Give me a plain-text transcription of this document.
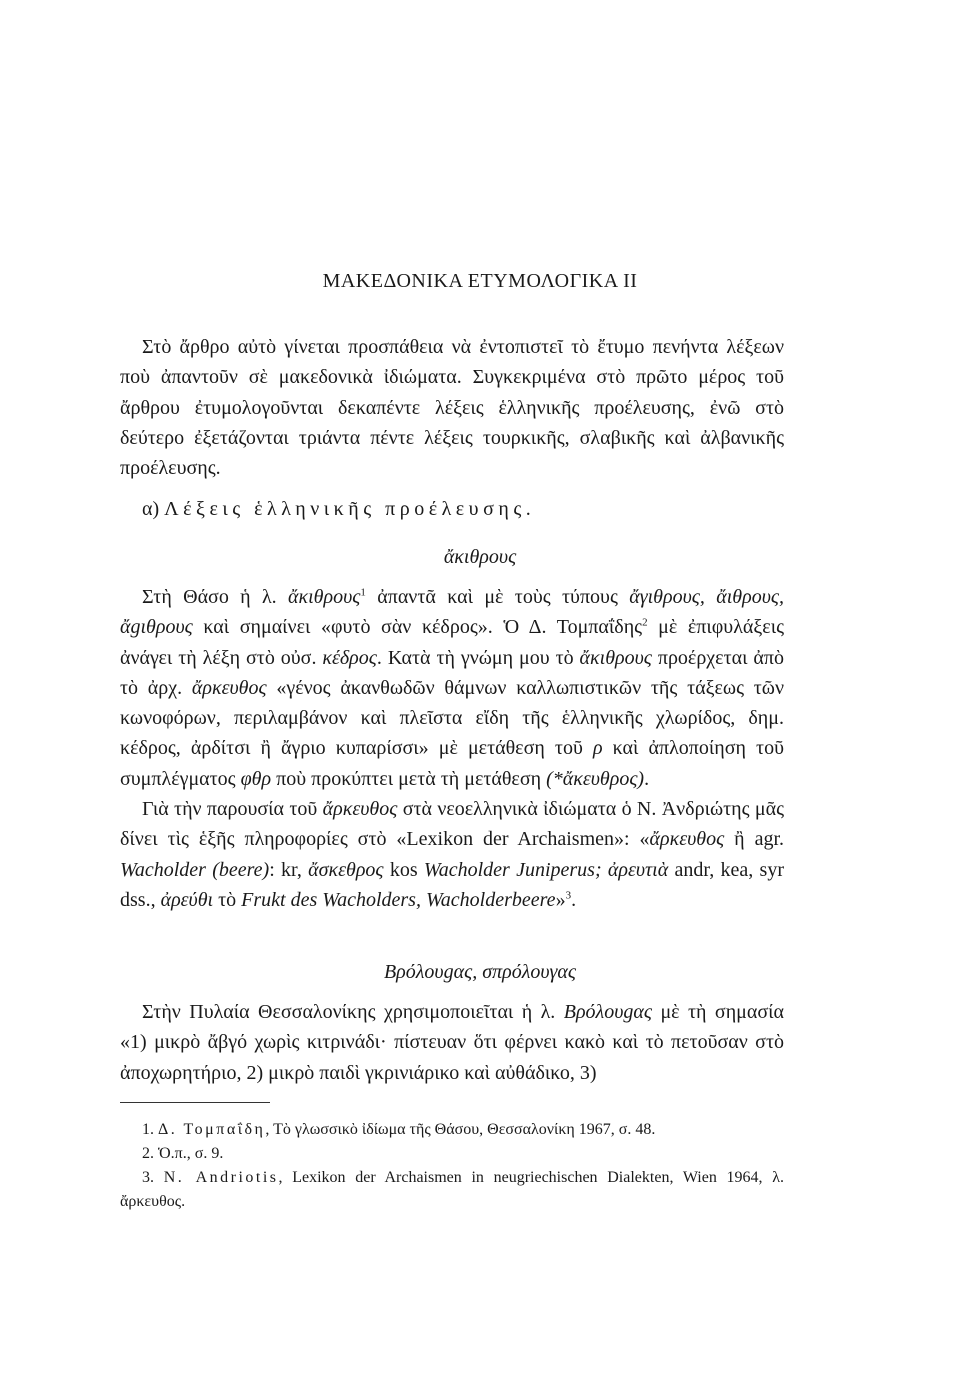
ΜΑΚΕΔΟΝΙΚΑ ΕΤΥΜΟΛΟΓΙΚΑ ΙΙ

Στὸ ἄρθρο αὐτὸ γίνεται προσπάθεια νὰ ἐντοπιστεῖ τὸ ἔτυμο πενήντα λέξεων ποὺ ἀπαντοῦν σὲ μακεδονικὰ ἰδιώματα. Συγκεκριμένα στὸ πρῶτο μέρος τοῦ ἄρθρου ἐτυμολογοῦνται δεκαπέντε λέξεις ἑλληνικῆς προέλευσης, ἐνῶ στὸ δεύτερο ἐξετάζονται τριάντα πέντε λέξεις τουρκικῆς, σλαβικῆς καὶ ἀλβανικῆς προέλευσης.

α) Λέξεις ἑλληνικῆς προέλευσης.
ἄκιθρους

Στὴ Θάσο ἡ λ. ἄκιθρους$^1$ ἀπαντᾶ καὶ μὲ τοὺς τύπους ἄγιθρους, ἄιθρους, ἄgιθρους καὶ σημαίνει «φυτὸ σὰν κέδρος». Ὁ Δ. Τομπαΐδης$^2$ μὲ ἐπιφυλάξεις ἀνάγει τὴ λέξη στὸ οὐσ. κέδρος. Κατὰ τὴ γνώμη μου τὸ ἄκιθρους προέρχεται ἀπὸ τὸ ἀρχ. ἄρκευθος «γένος ἀκανθωδῶν θάμνων καλλωπιστικῶν τῆς τάξεως τῶν κωνοφόρων, περιλαμβάνον καὶ πλεῖστα εἴδη τῆς ἑλληνικῆς χλωρίδος, δημ. κέδρος, ἀρδίτσι ἢ ἄγριο κυπαρίσσι» μὲ μετάθεση τοῦ ρ καὶ ἀπλοποίηση τοῦ συμπλέγματος φθρ ποὺ προκύπτει μετὰ τὴ μετάθεση (*ἄκευθρος).

Γιὰ τὴν παρουσία τοῦ ἄρκευθος στὰ νεοελληνικὰ ἰδιώματα ὁ Ν. Ἀνδριώτης μᾶς δίνει τὶς ἑξῆς πληροφορίες στὸ «Lexikon der Archaismen»: «ἄρκευθος ἢ agr. Wacholder (beere): kr, ἄσκεθρος kos Wacholder Juniperus; ἀρευτιὰ andr, kea, syr dss., ἀρεύθι τὸ Frukt des Wacholders, Wacholderbeere»$^3$.

Βρόλουgας, σπρόλουγας

Στὴν Πυλαία Θεσσαλονίκης χρησιμοποιεῖται ἡ λ. Βρόλουgας μὲ τὴ σημασία «1) μικρὸ ἄβγό χωρὶς κιτρινάδι· πίστευαν ὅτι φέρνει κακὸ καὶ τὸ πετοῦσαν στὸ ἀποχωρητήριο, 2) μικρὸ παιδὶ γκρινιάρικο καὶ αὐθάδικο, 3)

1. Δ. Τομπαΐδη, Τὸ γλωσσικὸ ἰδίωμα τῆς Θάσου, Θεσσαλονίκη 1967, σ. 48.

2. Ὁ.π., σ. 9.

3. N. Andriotis, Lexikon der Archaismen in neugriechischen Dialekten, Wien 1964, λ. ἄρκευθος.
